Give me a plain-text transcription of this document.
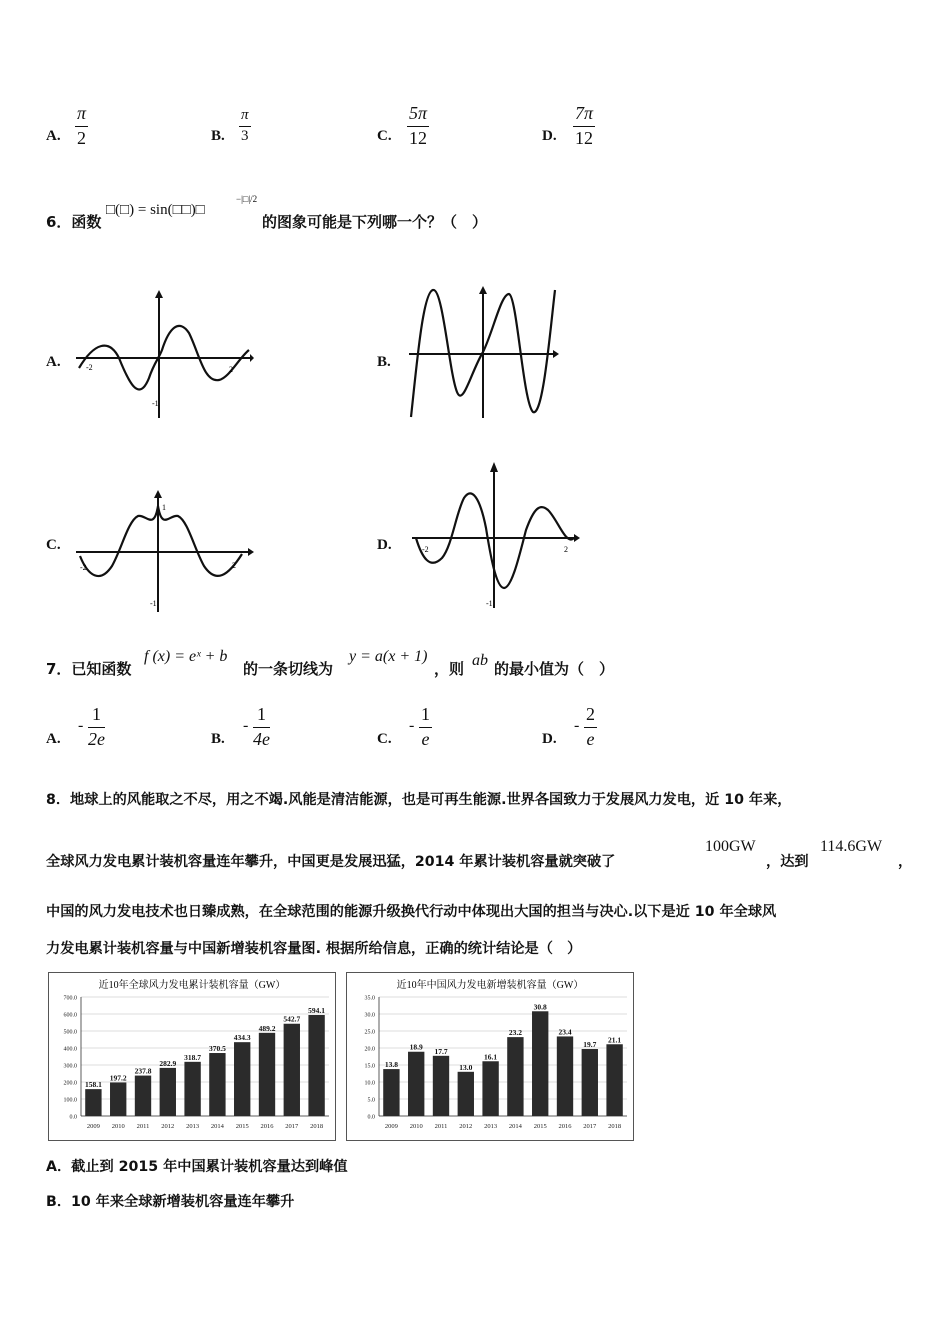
A. $\frac{\pi}{2}$	B. $\frac{\pi}{3}$	C. $\frac{5\pi}{12}$	D. $\frac{7\pi}{12}$
6．函数
□(□) = sin(□□)□
−|□|/2
的图象可能是下列哪一个？（　）
A.	-2	2
-1
B.
C.
-2	2
1
-1
D.	-2	2
-1
7．已知函数
f (x) = eˣ + b
的一条切线为
y = a(x + 1)
，则 ab 的最小值为（　）
A.
- $\frac{1}{2e}$	B.
- $\frac{1}{4e}$	C.
- $\frac{1}{e}$	D.
- $\frac{2}{e}$
8．地球上的风能取之不尽，用之不竭.风能是清洁能源，也是可再生能源.世界各国致力于发展风力发电，近 10 年来，
全球风力发电累计装机容量连年攀升，中国更是发展迅猛，2014 年累计装机容量就突破了
100GW
，达到
114.6GW
，
中国的风力发电技术也日臻成熟，在全球范围的能源升级换代行动中体现出大国的担当与决心.以下是近 10 年全球风
力发电累计装机容量与中国新增装机容量图. 根据所给信息，正确的统计结论是（　）
近10年全球风力发电累计装机容量（GW）
0.0
100.0
200.0
300.0
400.0
500.0
600.0
700.0
158.1
2009
197.2
2010
237.8
2011
282.9
2012
318.7
2013
370.5
2014
434.3
2015
489.2
2016
542.7
2017
594.1
2018
近10年中国风力发电新增装机容量（GW）
0.0
5.0
10.0
15.0
20.0
25.0
30.0
35.0
13.8
2009
18.9
2010
17.7
2011
13.0
2012
16.1
2013
23.2
2014
30.8
2015
23.4
2016
19.7
2017
21.1
2018
A．截止到 2015 年中国累计装机容量达到峰值
B．10 年来全球新增装机容量连年攀升
